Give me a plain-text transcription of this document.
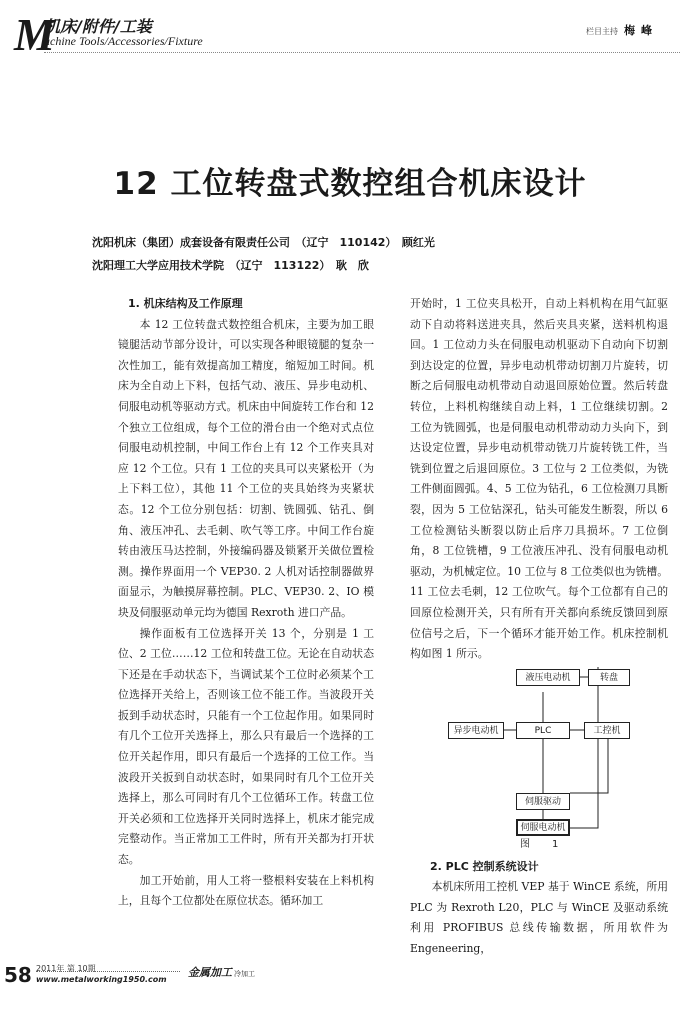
M
机床/附件/工装
achine Tools/Accessories/Fixture
栏目主持 梅峰
12 工位转盘式数控组合机床设计
沈阳机床（集团）成套设备有限责任公司　（辽宁　110142）　顾红光
沈阳理工大学应用技术学院　（辽宁　113122）　耿　欣
1. 机床结构及工作原理

本 12 工位转盘式数控组合机床，主要为加工眼镜腿活动节部分设计，可以实现各种眼镜腿的复杂一次性加工，能有效提高加工精度，缩短加工时间。机床为全自动上下料，包括气动、液压、异步电动机、伺服电动机等驱动方式。机床由中间旋转工作台和 12 个独立工位组成，每个工位的滑台由一个绝对式点位伺服电动机控制，中间工作台上有 12 个工作夹具对应 12 个工位。只有 1 工位的夹具可以夹紧松开（为上下料工位），其他 11 个工位的夹具始终为夹紧状态。12 个工位分别包括：切割、铣圆弧、钻孔、倒角、液压冲孔、去毛刺、吹气等工序。中间工作台旋转由液压马达控制，外接编码器及锁紧开关做位置检测。操作界面用一个 VEP30. 2 人机对话控制器做界面显示，为触摸屏幕控制。PLC、VEP30. 2、IO 模块及伺服驱动单元均为德国 Rexroth 进口产品。

操作面板有工位选择开关 13 个，分别是 1 工位、2 工位……12 工位和转盘工位。无论在自动状态下还是在手动状态下，当调试某个工位时必须某个工位选择开关给上，否则该工位不能工作。当波段开关扳到手动状态时，只能有一个工位起作用。如果同时有几个工位开关选择上，那么只有最后一个选择的工位开关起作用，即只有最后一个选择的工位工作。当波段开关扳到自动状态时，如果同时有几个工位开关选择上，那么可同时有几个工位循环工作。转盘工位开关必须和工位选择开关同时选择上，机床才能完成完整动作。当正常加工工件时，所有开关都为打开状态。

加工开始前，用人工将一整根料安装在上料机构上，且每个工位都处在原位状态。循环加工

开始时，1 工位夹具松开，自动上料机构在用气缸驱动下自动将料送进夹具，然后夹具夹紧，送料机构退回。1 工位动力头在伺服电动机驱动下自动向下切割到达设定的位置，异步电动机带动切割刀片旋转，切断之后伺服电动机带动自动退回原始位置。然后转盘转位，上料机构继续自动上料，1 工位继续切割。2 工位为铣圆弧，也是伺服电动机带动动力头向下，到达设定位置，异步电动机带动铣刀片旋转铣工件，当铣到位置之后退回原位。3 工位与 2 工位类似，为铣工件侧面圆弧。4、5 工位为钻孔，6 工位检测刀具断裂，因为 5 工位钻深孔，钻头可能发生断裂，所以 6 工位检测钻头断裂以防止后序刀具损坏。7 工位倒角，8 工位铣槽，9 工位液压冲孔、没有伺服电动机驱动，为机械定位。10 工位与 8 工位类似也为铣槽。11 工位去毛刺，12 工位吹气。每个工位都有自己的回原位检测开关，只有所有开关都向系统反馈回到原位信号之后，下一个循环才能开始工作。机床控制机构如图 1 所示。

2. PLC 控制系统设计

本机床所用工控机 VEP 基于 WinCE 系统，所用 PLC 为 Rexroth L20，PLC 与 WinCE 及驱动系统利用 PROFIBUS 总线传输数据，所用软件为 Engeneering，

液压电动机	转盘
异步电动机	PLC	工控机
伺服驱动
伺服电动机
图　1
58 2011年 第 10期
www.metalworking1950.com
金属加工 冷加工
